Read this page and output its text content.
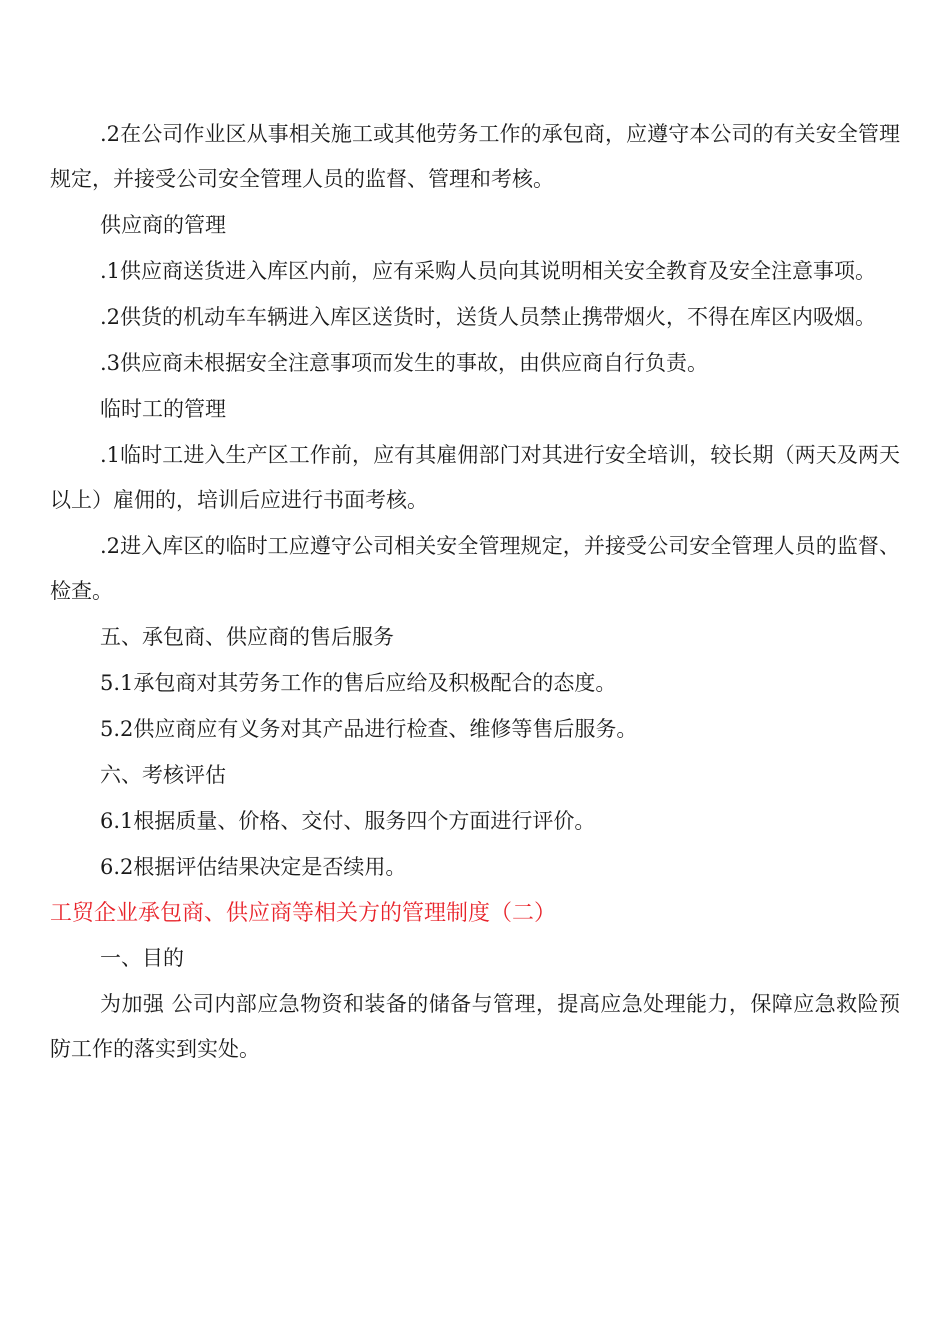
.2在公司作业区从事相关施工或其他劳务工作的承包商，应遵守本公司的有关安全管理规定，并接受公司安全管理人员的监督、管理和考核。

供应商的管理

.1供应商送货进入库区内前，应有采购人员向其说明相关安全教育及安全注意事项。

.2供货的机动车车辆进入库区送货时，送货人员禁止携带烟火，不得在库区内吸烟。

.3供应商未根据安全注意事项而发生的事故，由供应商自行负责。

临时工的管理

.1临时工进入生产区工作前，应有其雇佣部门对其进行安全培训，较长期（两天及两天以上）雇佣的，培训后应进行书面考核。

.2进入库区的临时工应遵守公司相关安全管理规定，并接受公司安全管理人员的监督、检查。

五、承包商、供应商的售后服务

5.1承包商对其劳务工作的售后应给及积极配合的态度。

5.2供应商应有义务对其产品进行检查、维修等售后服务。

六、考核评估

6.1根据质量、价格、交付、服务四个方面进行评价。

6.2根据评估结果决定是否续用。

工贸企业承包商、供应商等相关方的管理制度（二）

一、目的

为加强 公司内部应急物资和装备的储备与管理，提高应急处理能力，保障应急救险预防工作的落实到实处。
